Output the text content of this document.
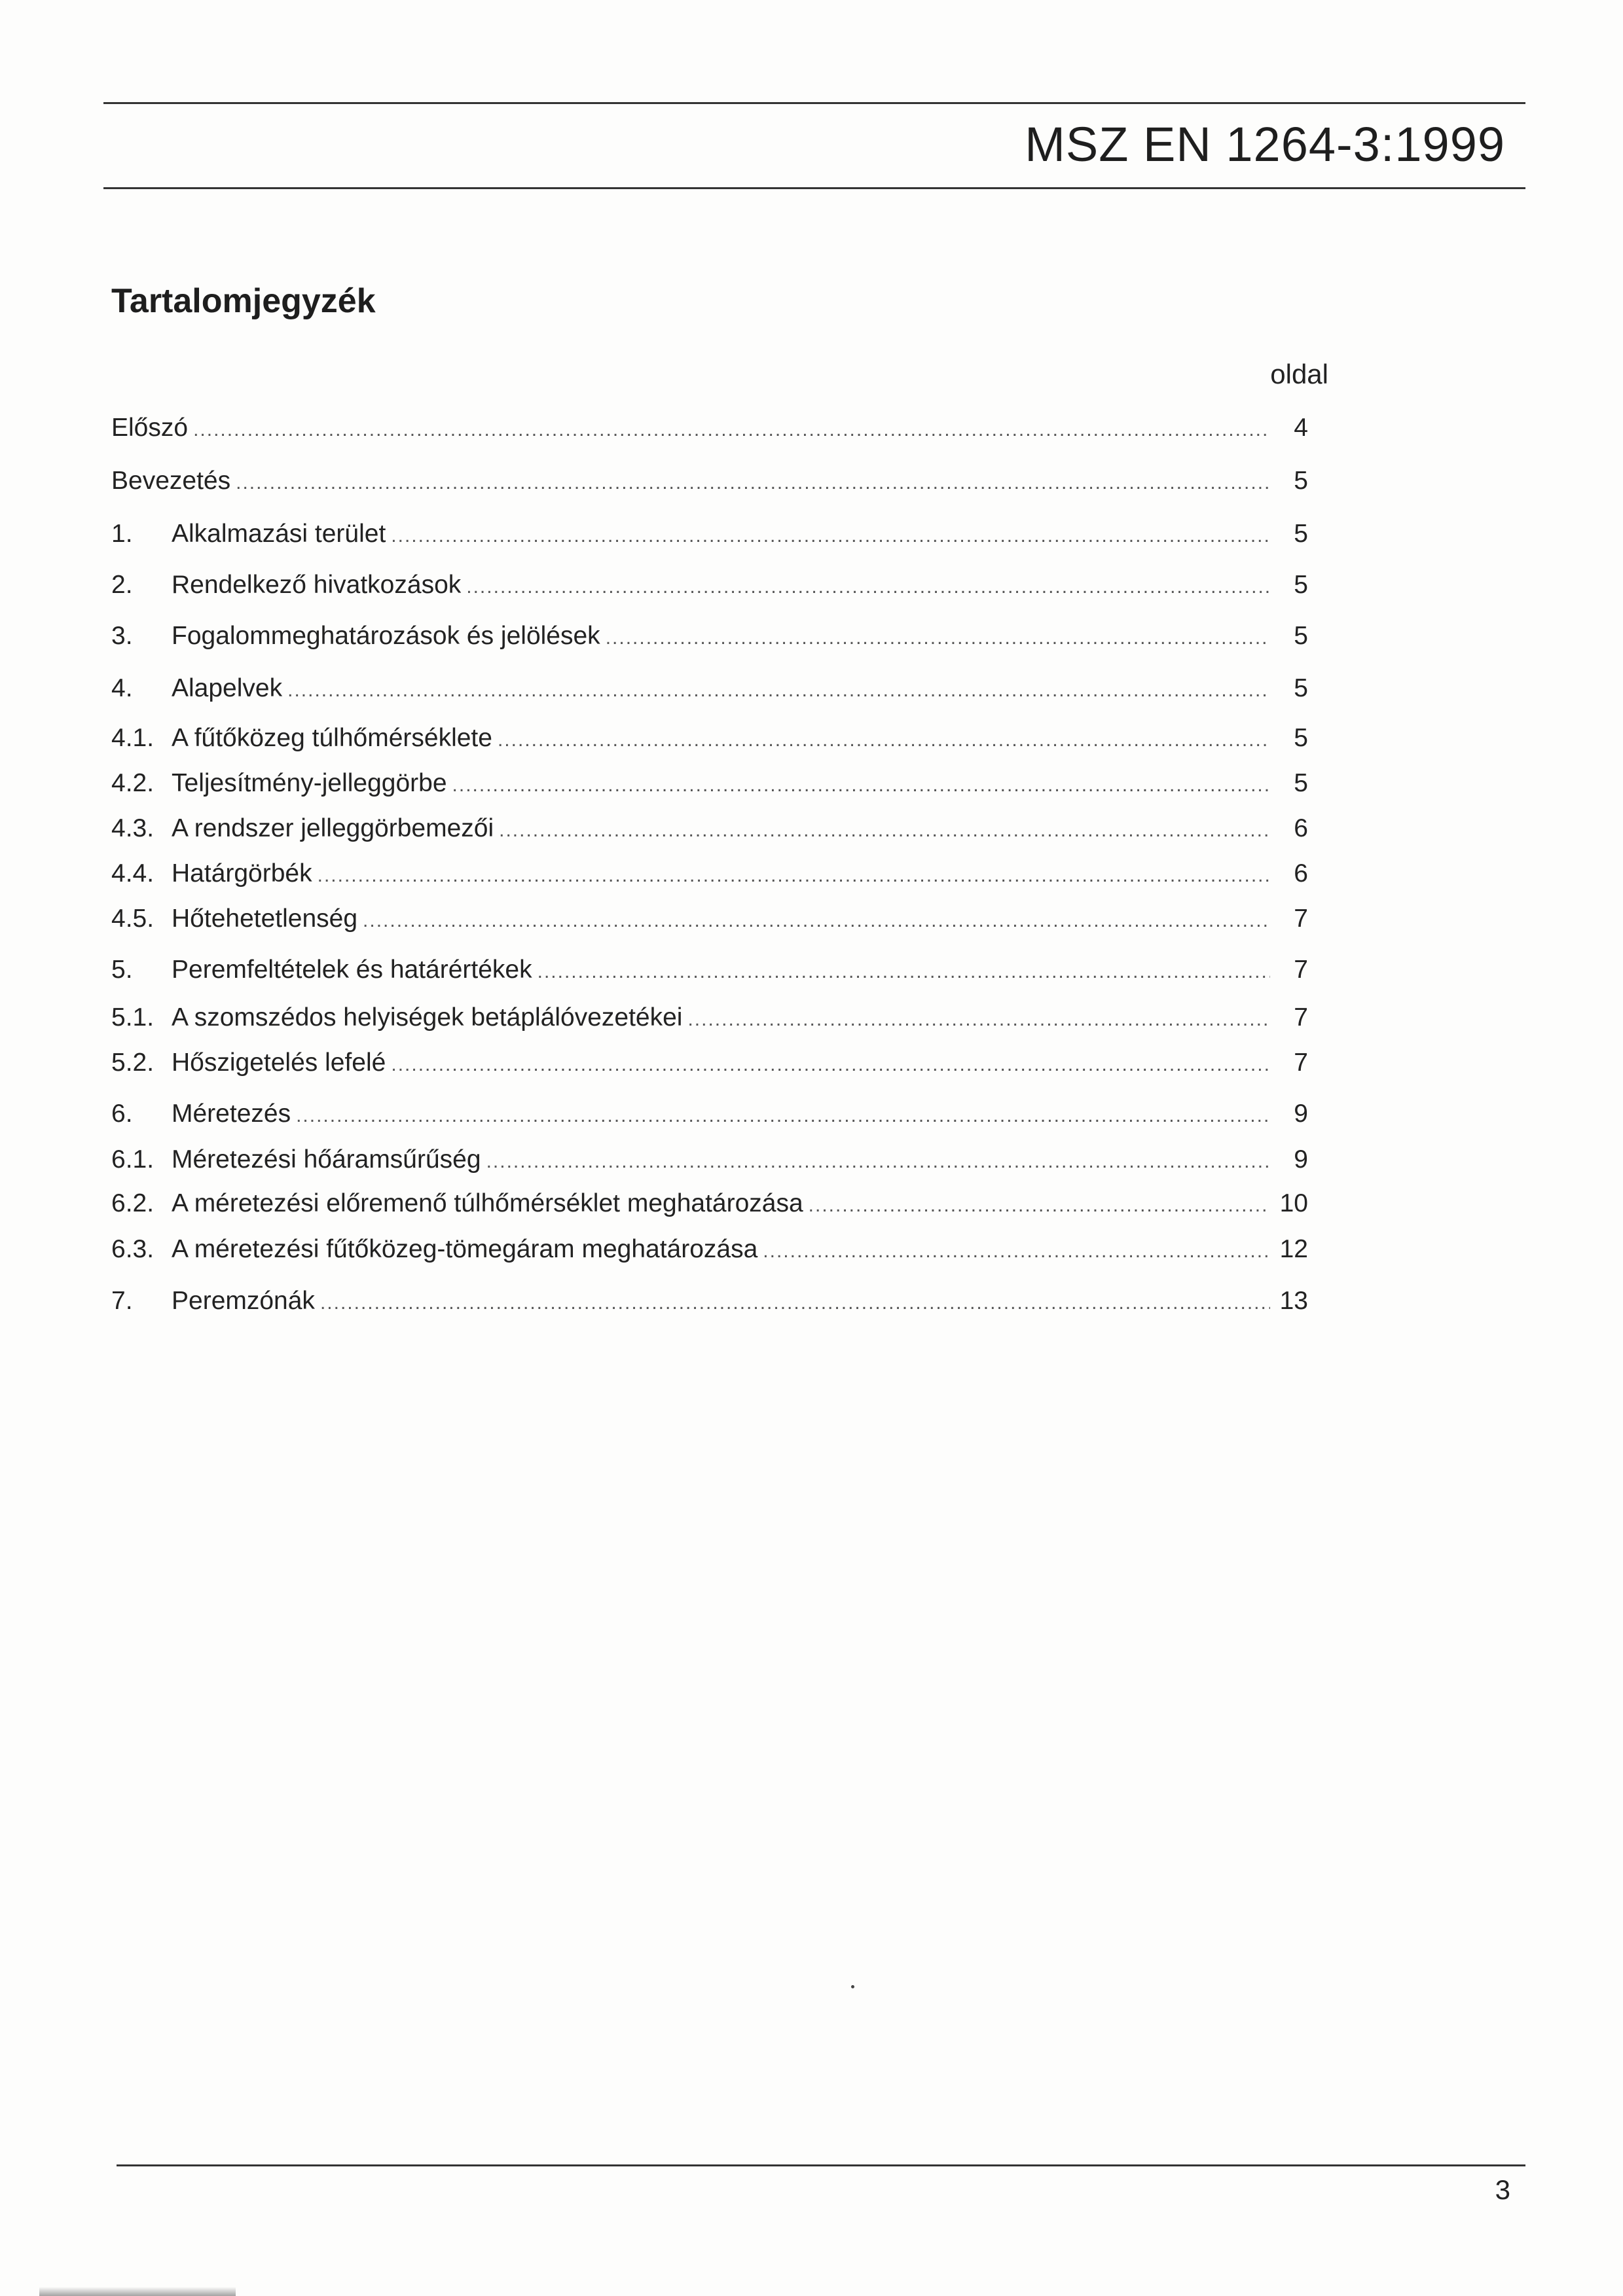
MSZ EN 1264-3:1999
Tartalomjegyzék
oldal
Előszó .....	4
Bevezetés .....	5
1.	Alkalmazási terület .....	5
2.	Rendelkező hivatkozások .....	5
3.	Fogalommeghatározások és jelölések .....	5
4.	Alapelvek .....	5
4.1. A fűtőközeg túlhőmérséklete .....	5
4.2. Teljesítmény-jelleggörbe .....	5
4.3. A rendszer jelleggörbemezői .....	6
4.4. Határgörbék .....	6
4.5. Hőtehetetlenség .....	7
5.	Peremfeltételek és határértékek .....	7
5.1. A szomszédos helyiségek betáplálóvezetékei .....	7
5.2. Hőszigetelés lefelé .....	7
6.	Méretezés .....	9
6.1. Méretezési hőáramsűrűség .....	9
6.2. A méretezési előremenő túlhőmérséklet meghatározása .....	10
6.3. A méretezési fűtőközeg-tömegáram meghatározása .....	12
7.	Peremzónák .....	13
3
